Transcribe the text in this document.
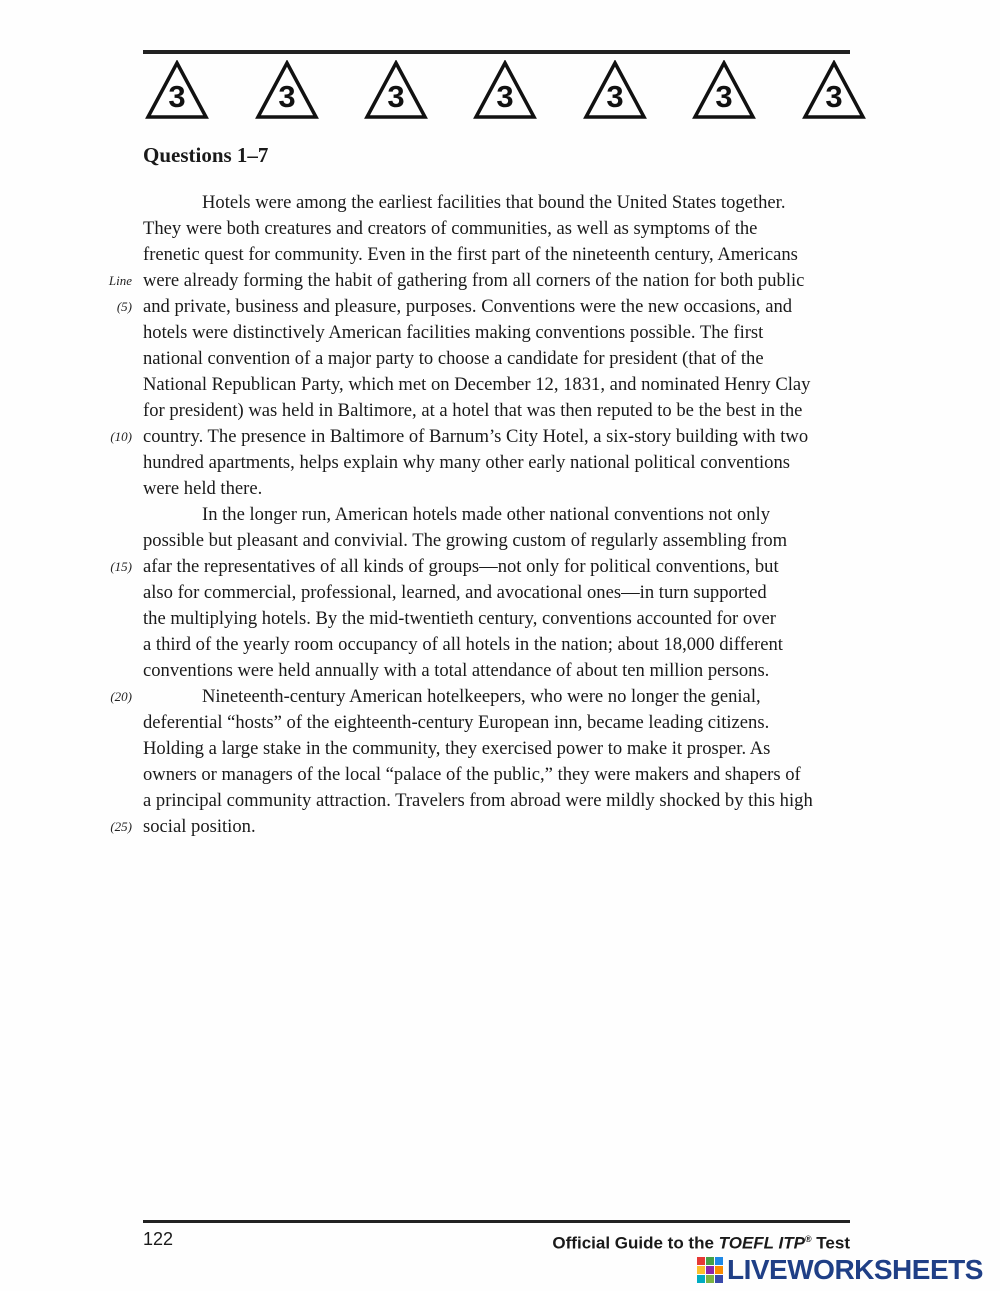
3	3	3	3	3	3	3
Questions 1–7
Hotels were among the earliest facilities that bound the United States together.
They were both creatures and creators of communities, as well as symptoms of the
frenetic quest for community. Even in the first part of the nineteenth century, Americans
were already forming the habit of gathering from all corners of the nation for both public
Line
and private, business and pleasure, purposes. Conventions were the new occasions, and
(5)
hotels were distinctively American facilities making conventions possible. The first
national convention of a major party to choose a candidate for president (that of the
National Republican Party, which met on December 12, 1831, and nominated Henry Clay
for president) was held in Baltimore, at a hotel that was then reputed to be the best in the
country. The presence in Baltimore of Barnum’s City Hotel, a six-story building with two
(10)
hundred apartments, helps explain why many other early national political conventions
were held there.
In the longer run, American hotels made other national conventions not only
possible but pleasant and convivial. The growing custom of regularly assembling from
afar the representatives of all kinds of groups—not only for political conventions, but
(15)
also for commercial, professional, learned, and avocational ones—in turn supported
the multiplying hotels. By the mid-twentieth century, conventions accounted for over
a third of the yearly room occupancy of all hotels in the nation; about 18,000 different
conventions were held annually with a total attendance of about ten million persons.
Nineteenth-century American hotelkeepers, who were no longer the genial,
(20)
deferential “hosts” of the eighteenth-century European inn, became leading citizens.
Holding a large stake in the community, they exercised power to make it prosper. As
owners or managers of the local “palace of the public,” they were makers and shapers of
a principal community attraction. Travelers from abroad were mildly shocked by this high
social position.
(25)
122	Official Guide to the TOEFL ITP® Test
LIVEWORKSHEETS
